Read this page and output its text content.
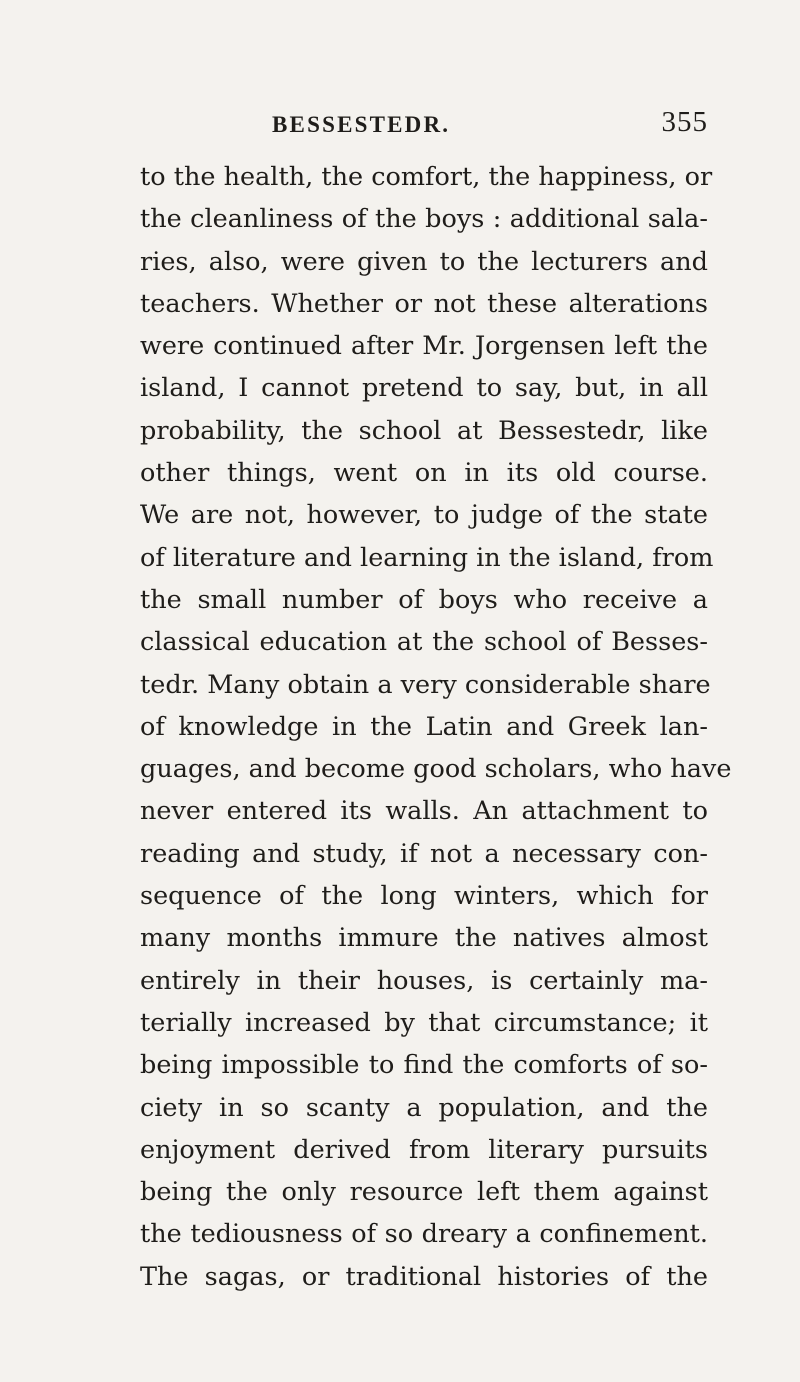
BESSESTEDR.	355
to the health, the comfort, the happiness, or
the cleanliness of the boys : additional sala-
ries, also, were given to the lecturers and
teachers. Whether or not these alterations
were continued after Mr. Jorgensen left the
island, I cannot pretend to say, but, in all
probability, the school at Bessestedr, like
other things, went on in its old course.
We are not, however, to judge of the state
of literature and learning in the island, from
the small number of boys who receive a
classical education at the school of Besses-
tedr. Many obtain a very considerable share
of knowledge in the Latin and Greek lan-
guages, and become good scholars, who have
never entered its walls. An attachment to
reading and study, if not a necessary con-
sequence of the long winters, which for
many months immure the natives almost
entirely in their houses, is certainly ma-
terially increased by that circumstance; it
being impossible to find the comforts of so-
ciety in so scanty a population, and the
enjoyment derived from literary pursuits
being the only resource left them against
the tediousness of so dreary a confinement.
The sagas, or traditional histories of the
